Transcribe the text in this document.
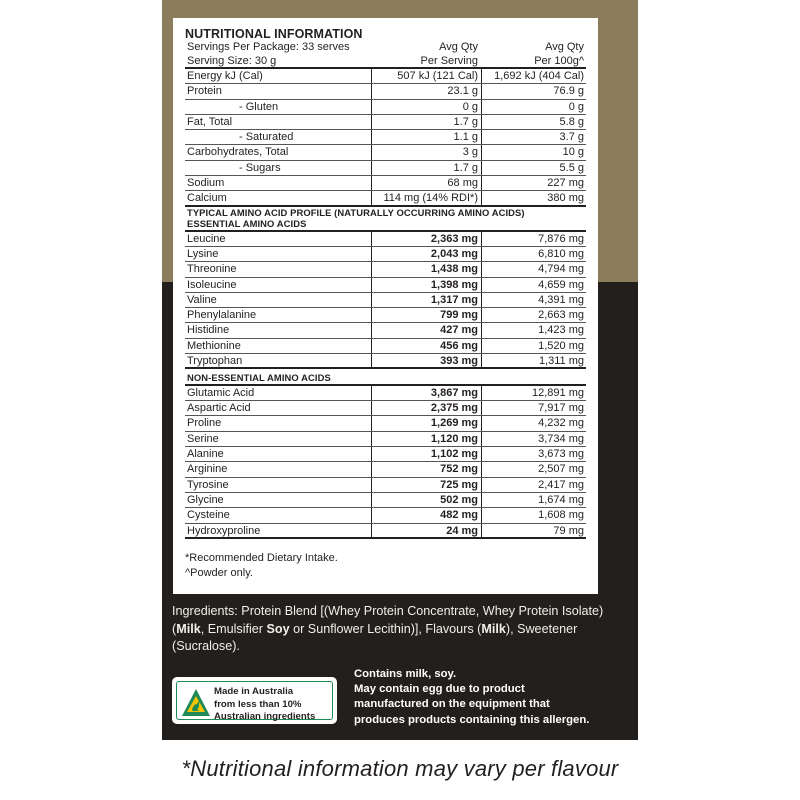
NUTRITIONAL INFORMATION
Servings Per Package: 33 serves
Serving Size: 30 g
Avg Qty
Per Serving
Avg Qty
Per 100g^
Energy kJ (Cal)	507 kJ (121 Cal)	1,692 kJ (404 Cal)
Protein	23.1 g	76.9 g
- Gluten	0 g	0 g
Fat, Total	1.7 g	5.8 g
- Saturated	1.1 g	3.7 g
Carbohydrates, Total	3 g	10 g
- Sugars	1.7 g	5.5 g
Sodium	68 mg	227 mg
Calcium	114 mg (14% RDI*)	380 mg
TYPICAL AMINO ACID PROFILE (NATURALLY OCCURRING AMINO ACIDS)
ESSENTIAL AMINO ACIDS
Leucine	2,363 mg	7,876 mg
Lysine	2,043 mg	6,810 mg
Threonine	1,438 mg	4,794 mg
Isoleucine	1,398 mg	4,659 mg
Valine	1,317 mg	4,391 mg
Phenylalanine	799 mg	2,663 mg
Histidine	427 mg	1,423 mg
Methionine	456 mg	1,520 mg
Tryptophan	393 mg	1,311 mg
NON-ESSENTIAL AMINO ACIDS
Glutamic Acid	3,867 mg	12,891 mg
Aspartic Acid	2,375 mg	7,917 mg
Proline	1,269 mg	4,232 mg
Serine	1,120 mg	3,734 mg
Alanine	1,102 mg	3,673 mg
Arginine	752 mg	2,507 mg
Tyrosine	725 mg	2,417 mg
Glycine	502 mg	1,674 mg
Cysteine	482 mg	1,608 mg
Hydroxyproline	24 mg	79 mg
*Recommended Dietary Intake.
^Powder only.
Ingredients: Protein Blend [(Whey Protein Concentrate, Whey Protein Isolate) (Milk, Emulsifier Soy or Sunflower Lecithin)], Flavours (Milk), Sweetener (Sucralose).
Made in Australia
from less than 10%
Australian ingredients
Contains milk, soy.
May contain egg due to product
manufactured on the equipment that
produces products containing this allergen.
*Nutritional information may vary per flavour
